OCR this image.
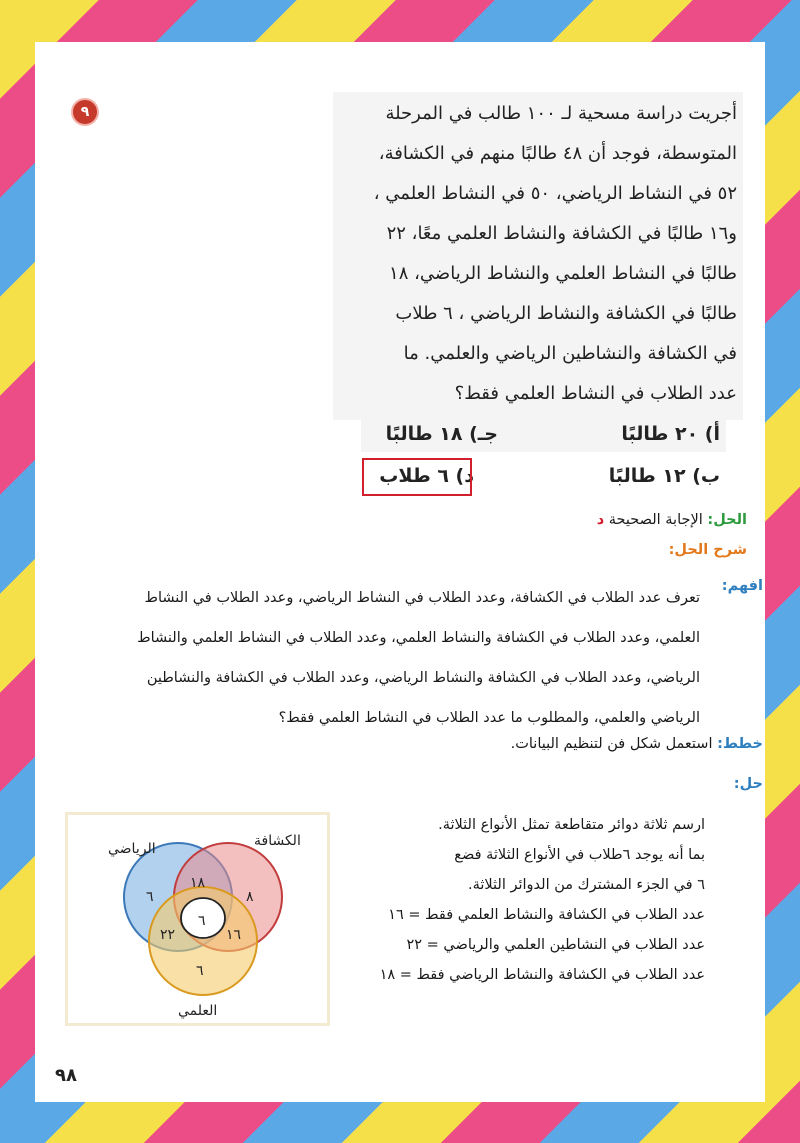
٩	أجريت دراسة مسحية لـ ١٠٠ طالب في المرحلة
المتوسطة، فوجد أن ٤٨ طالبًا منهم في الكشافة،
٥٢ في النشاط الرياضي، ٥٠ في النشاط العلمي ،
و١٦ طالبًا في الكشافة والنشاط العلمي معًا، ٢٢
طالبًا في النشاط العلمي والنشاط الرياضي، ١٨
طالبًا في الكشافة والنشاط الرياضي ، ٦ طلاب
في الكشافة والنشاطين الرياضي والعلمي. ما
عدد الطلاب في النشاط العلمي فقط؟
أ) ٢٠ طالبًا
جـ) ١٨ طالبًا
ب) ١٢ طالبًا
د) ٦ طلاب
الحل: الإجابة الصحيحة د
شرح الحل:
افهم:
تعرف عدد الطلاب في الكشافة، وعدد الطلاب في النشاط الرياضي، وعدد الطلاب في النشاط
العلمي، وعدد الطلاب في الكشافة والنشاط العلمي، وعدد الطلاب في النشاط العلمي والنشاط
الرياضي، وعدد الطلاب في الكشافة والنشاط الرياضي، وعدد الطلاب في الكشافة والنشاطين
الرياضي والعلمي، والمطلوب ما عدد الطلاب في النشاط العلمي فقط؟
خطط: استعمل شكل فن لتنظيم البيانات.
حل:
ارسم ثلاثة دوائر متقاطعة تمثل الأنواع الثلاثة.
بما أنه يوجد ٦طلاب في الأنواع الثلاثة فضع
٦ في الجزء المشترك من الدوائر الثلاثة.
عدد الطلاب في الكشافة والنشاط العلمي فقط = ١٦
عدد الطلاب في النشاطين العلمي والرياضي = ٢٢
عدد الطلاب في الكشافة والنشاط الرياضي فقط = ١٨
الرياضي	الكشافة
العلمي
٦	٨
٦
١٨
٢٢	١٦
٦
٩٨
